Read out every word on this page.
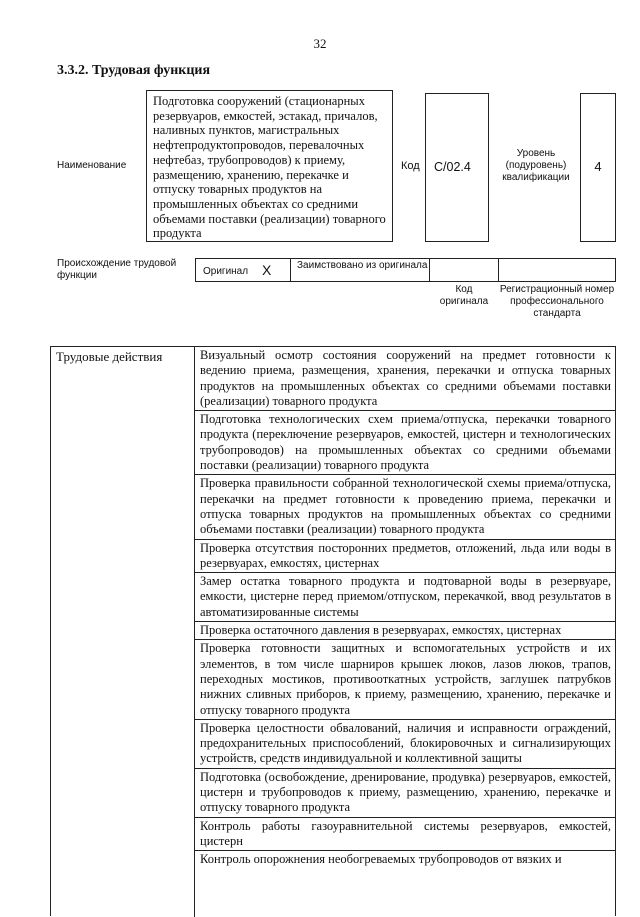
32
3.3.2. Трудовая функция
Наименование
Подготовка сооружений (стационарных резервуаров, емкостей, эстакад, причалов, наливных пунктов, магистральных нефтепродуктопроводов, перевалочных нефтебаз, трубопроводов) к приему, размещению, хранению, перекачке и отпуску товарных продуктов на промышленных объектах со средними объемами поставки (реализации) товарного продукта
Код С/02.4
Уровень (подуровень) квалификации
4
Происхождение трудовой функции	Оригинал X	Заимствовано из оригинала
Код оригинала
Регистрационный номер профессионального стандарта
Трудовые действия	Визуальный осмотр состояния сооружений на предмет готовности к ведению приема, размещения, хранения, перекачки и отпуска товарных продуктов на промышленных объектах со средними объемами поставки (реализации) товарного продукта
Подготовка технологических схем приема/отпуска, перекачки товарного продукта (переключение резервуаров, емкостей, цистерн и технологических трубопроводов) на промышленных объектах со средними объемами поставки (реализации) товарного продукта
Проверка правильности собранной технологической схемы приема/отпуска, перекачки на предмет готовности к проведению приема, перекачки и отпуска товарных продуктов на промышленных объектах со средними объемами поставки (реализации) товарного продукта
Проверка отсутствия посторонних предметов, отложений, льда или воды в резервуарах, емкостях, цистернах
Замер остатка товарного продукта и подтоварной воды в резервуаре, емкости, цистерне перед приемом/отпуском, перекачкой, ввод результатов в автоматизированные системы
Проверка остаточного давления в резервуарах, емкостях, цистернах
Проверка готовности защитных и вспомогательных устройств и их элементов, в том числе шарниров крышек люков, лазов люков, трапов, переходных мостиков, противооткатных устройств, заглушек патрубков нижних сливных приборов, к приему, размещению, хранению, перекачке и отпуску товарного продукта
Проверка целостности обвалований, наличия и исправности ограждений, предохранительных приспособлений, блокировочных и сигнализирующих устройств, средств индивидуальной и коллективной защиты
Подготовка (освобождение, дренирование, продувка) резервуаров, емкостей, цистерн и трубопроводов к приему, размещению, хранению, перекачке и отпуску товарного продукта
Контроль работы газоуравнительной системы резервуаров, емкостей, цистерн
Контроль опорожнения необогреваемых трубопроводов от вязких и
